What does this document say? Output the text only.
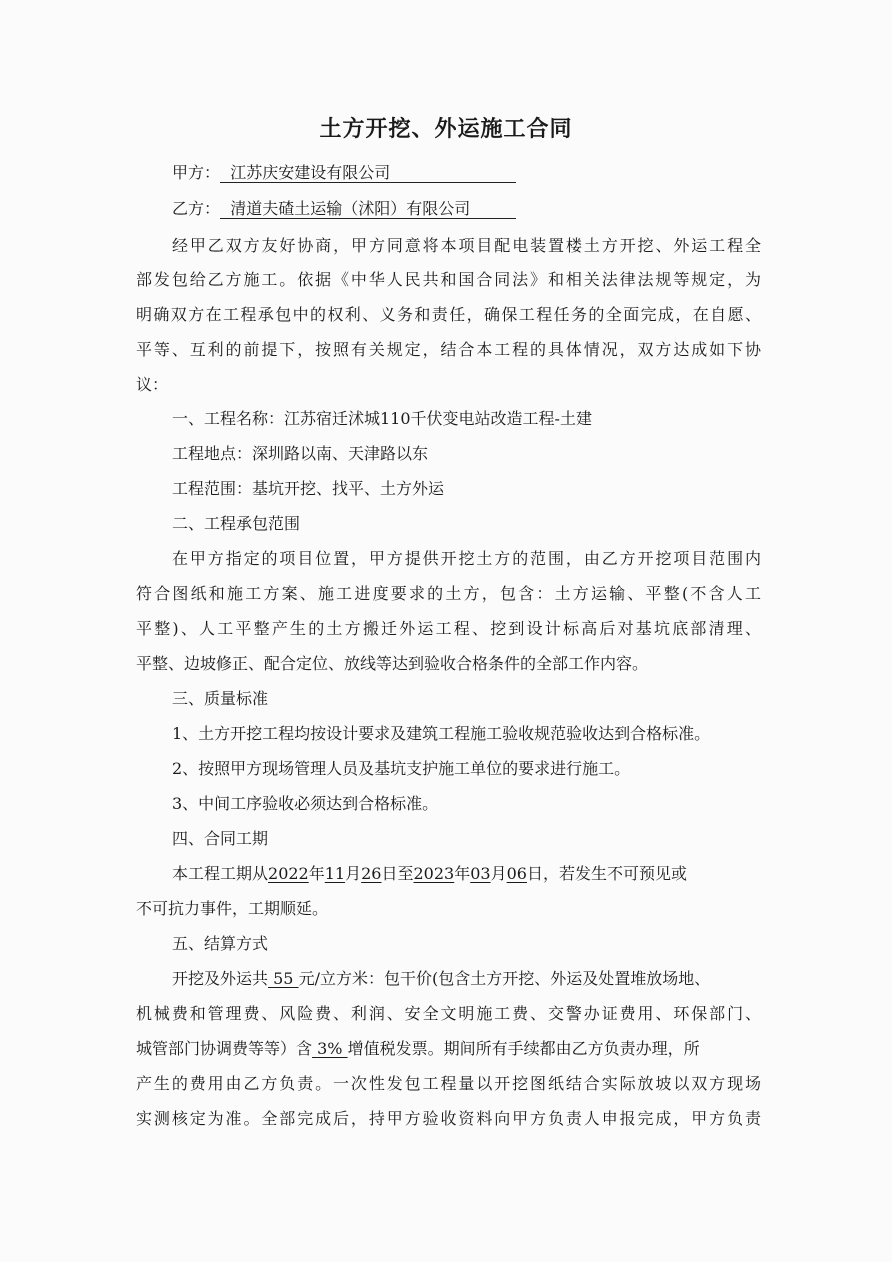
土方开挖、外运施工合同
甲方： 江苏庆安建设有限公司
乙方： 清道夫碴土运输（沭阳）有限公司
经甲乙双方友好协商，甲方同意将本项目配电装置楼土方开挖、外运工程全
部发包给乙方施工。依据《中华人民共和国合同法》和相关法律法规等规定，为
明确双方在工程承包中的权利、义务和责任，确保工程任务的全面完成，在自愿、
平等、互利的前提下，按照有关规定，结合本工程的具体情况，双方达成如下协
议：
一、工程名称：江苏宿迁沭城110千伏变电站改造工程-土建
工程地点：深圳路以南、天津路以东
工程范围：基坑开挖、找平、土方外运
二、工程承包范围
在甲方指定的项目位置，甲方提供开挖土方的范围，由乙方开挖项目范围内
符合图纸和施工方案、施工进度要求的土方，包含：土方运输、平整(不含人工
平整)、人工平整产生的土方搬迁外运工程、挖到设计标高后对基坑底部清理、
平整、边坡修正、配合定位、放线等达到验收合格条件的全部工作内容。
三、质量标准
1、土方开挖工程均按设计要求及建筑工程施工验收规范验收达到合格标准。
2、按照甲方现场管理人员及基坑支护施工单位的要求进行施工。
3、中间工序验收必须达到合格标准。
四、合同工期
本工程工期从2022年11月26日至2023年03月06日，若发生不可预见或
不可抗力事件，工期顺延。
五、结算方式
开挖及外运共 55 元/立方米：包干价(包含土方开挖、外运及处置堆放场地、
机械费和管理费、风险费、利润、安全文明施工费、交警办证费用、环保部门、
城管部门协调费等等）含 3% 增值税发票。期间所有手续都由乙方负责办理，所
产生的费用由乙方负责。一次性发包工程量以开挖图纸结合实际放坡以双方现场
实测核定为准。全部完成后，持甲方验收资料向甲方负责人申报完成，甲方负责
